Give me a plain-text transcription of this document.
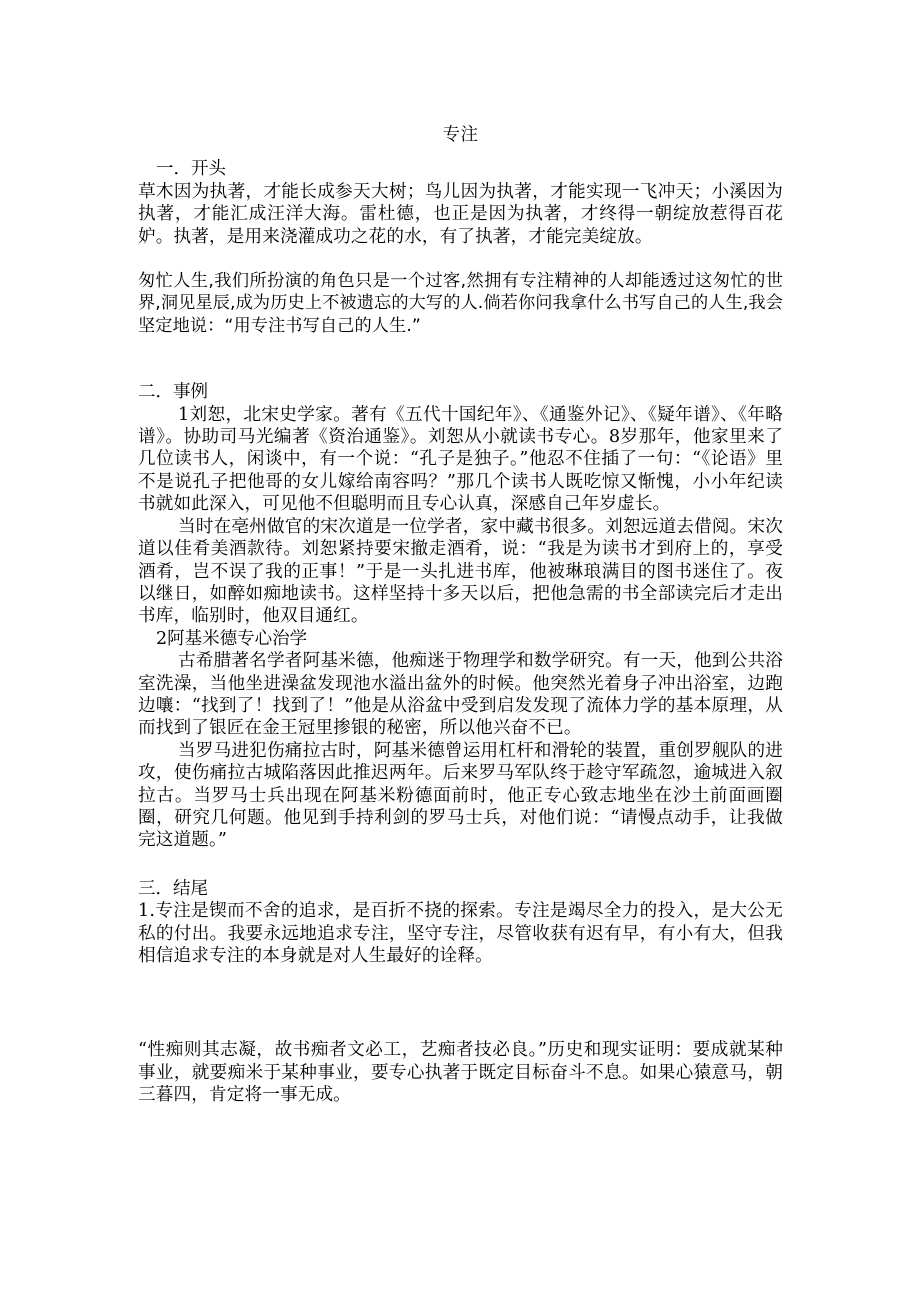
专注
一．开头
草木因为执著，才能长成参天大树；鸟儿因为执著，才能实现一飞冲天；小溪因为执著，才能汇成汪洋大海。雷杜德，也正是因为执著，才终得一朝绽放惹得百花妒。执著，是用来浇灌成功之花的水，有了执著，才能完美绽放。
匆忙人生,我们所扮演的角色只是一个过客,然拥有专注精神的人却能透过这匆忙的世界,洞见星辰,成为历史上不被遗忘的大写的人.倘若你问我拿什么书写自己的人生,我会坚定地说：“用专注书写自己的人生.”
二．事例
1刘恕，北宋史学家。著有《五代十国纪年》、《通鉴外记》、《疑年谱》、《年略谱》。协助司马光编著《资治通鉴》。刘恕从小就读书专心。8岁那年，他家里来了几位读书人，闲谈中，有一个说：“孔子是独子。”他忍不住插了一句：“《论语》里不是说孔子把他哥的女儿嫁给南容吗？”那几个读书人既吃惊又惭愧，小小年纪读书就如此深入，可见他不但聪明而且专心认真，深感自己年岁虚长。
当时在亳州做官的宋次道是一位学者，家中藏书很多。刘恕远道去借阅。宋次道以佳肴美酒款待。刘恕紧持要宋撤走酒肴，说：“我是为读书才到府上的，享受酒肴，岂不误了我的正事！”于是一头扎进书库，他被琳琅满目的图书迷住了。夜以继日，如醉如痴地读书。这样坚持十多天以后，把他急需的书全部读完后才走出书库，临别时，他双目通红。
2阿基米德专心治学
古希腊著名学者阿基米德，他痴迷于物理学和数学研究。有一天，他到公共浴室洗澡，当他坐进澡盆发现池水溢出盆外的时候。他突然光着身子冲出浴室，边跑边嚷：“找到了！找到了！”他是从浴盆中受到启发发现了流体力学的基本原理，从而找到了银匠在金王冠里掺银的秘密，所以他兴奋不已。
当罗马进犯伤痛拉古时，阿基米德曾运用杠杆和滑轮的装置，重创罗舰队的进攻，使伤痛拉古城陷落因此推迟两年。后来罗马军队终于趁守军疏忽，逾城进入叙拉古。当罗马士兵出现在阿基米粉德面前时，他正专心致志地坐在沙土前面画圈圈，研究几何题。他见到手持利剑的罗马士兵，对他们说：“请慢点动手，让我做完这道题。”
三．结尾
1.专注是锲而不舍的追求，是百折不挠的探索。专注是竭尽全力的投入，是大公无私的付出。我要永远地追求专注，坚守专注，尽管收获有迟有早，有小有大，但我相信追求专注的本身就是对人生最好的诠释。
“性痴则其志凝，故书痴者文必工，艺痴者技必良。”历史和现实证明：要成就某种事业，就要痴米于某种事业，要专心执著于既定目标奋斗不息。如果心猿意马，朝三暮四，肯定将一事无成。
